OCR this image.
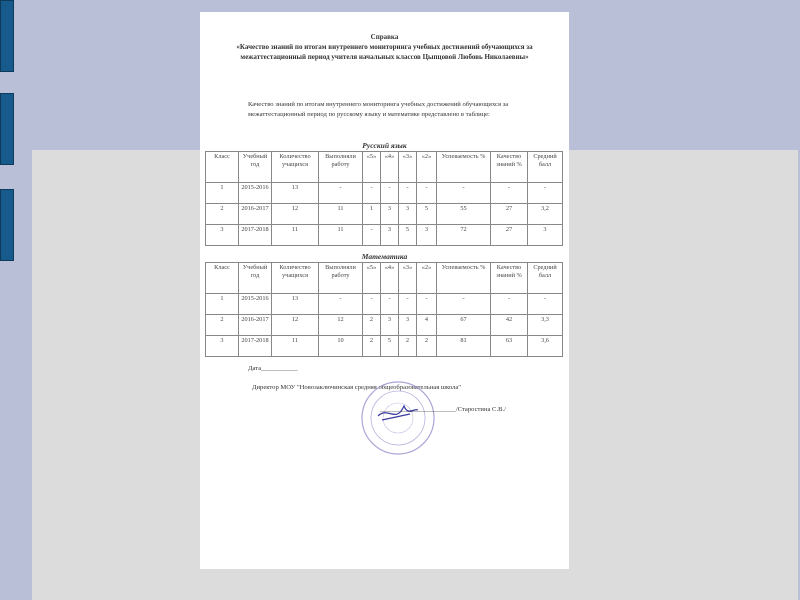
Справка
«Качество знаний по итогам внутреннего мониторинга учебных достижений обучающихся за межаттестационный период учителя начальных классов Цыпцовой Любовь Николаевны»
Качество знаний по итогам внутреннего мониторинга учебных достижений обучающихся за межаттестационный период по русскому языку и математике представлено в таблице:
Русский язык
Класс	Учебный год	Количество учащихся	Выполняли работу	«5»	«4»	«3»	«2»	Успеваемость %	Качество знаний %	Средний балл
1	2015-2016	13	-	-	-	-	-	-	-	-
2	2016-2017	12	11	1	3	3	5	55	27	3,2
3	2017-2018	11	11	-	3	5	3	72	27	3
Математика
Класс	Учебный год	Количество учащихся	Выполняли работу	«5»	«4»	«3»	«2»	Успеваемость %	Качество знаний %	Средний балл
1	2015-2016	13	-	-	-	-	-	-	-	-
2	2016-2017	12	12	2	3	3	4	67	42	3,3
3	2017-2018	11	10	2	5	2	2	81	63	3,6
Дата___________
Директор МОУ "Новозаключинская средняя общеобразовательная школа"
_______________________/Старостина С.В./
